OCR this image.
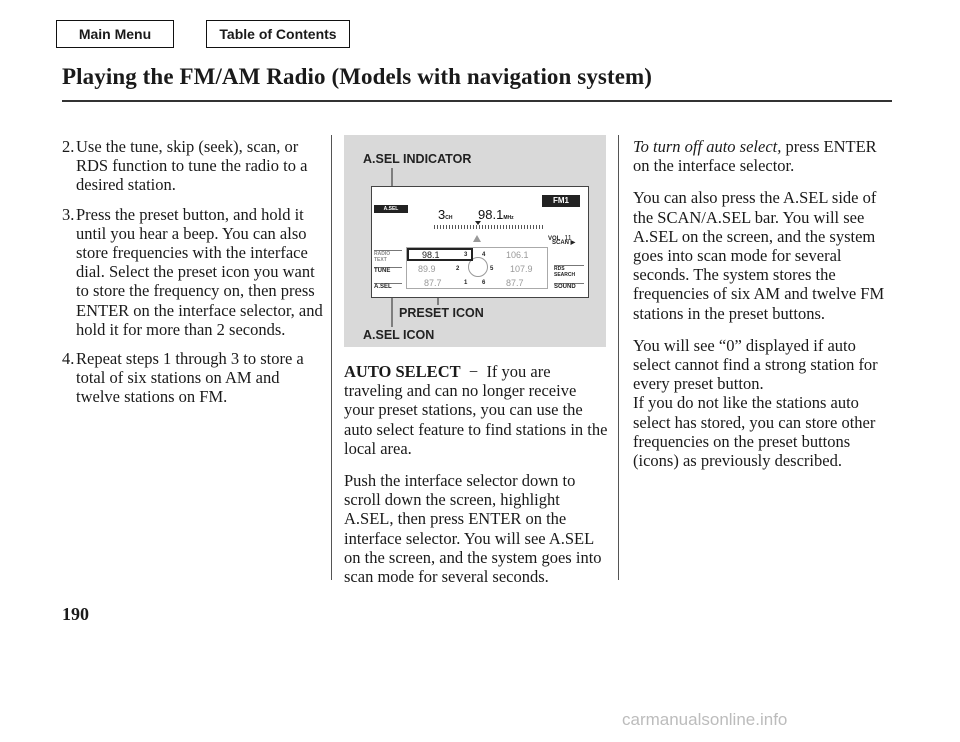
Main Menu	Table of Contents
Playing the FM/AM Radio (Models with navigation system)
2. Use the tune, skip (seek), scan, or RDS function to tune the radio to a desired station.
3. Press the preset button, and hold it until you hear a beep. You can also store frequencies with the interface dial. Select the preset icon you want to store the frequency on, then press ENTER on the interface selector, and hold it for more than 2 seconds.
4. Repeat steps 1 through 3 to store a total of six stations on AM and twelve stations on FM.
A.SEL INDICATOR
PRESET ICON
A.SEL ICON
A.SEL	3CH 98.1MHz
FM1
VOL 11
SCAN ▶
RADIO TEXT
TUNE
A.SEL
RDS SEARCH
SOUND
98.1	3 4 106.1
89.9	2	5 107.9
87.7	1 6 87.7

AUTO SELECT − If you are traveling and can no longer receive your preset stations, you can use the auto select feature to find stations in the local area.

Push the interface selector down to scroll down the screen, highlight A.SEL, then press ENTER on the interface selector. You will see A.SEL on the screen, and the system goes into scan mode for several seconds.

To turn off auto select, press ENTER on the interface selector.

You can also press the A.SEL side of the SCAN/A.SEL bar. You will see A.SEL on the screen, and the system goes into scan mode for several seconds. The system stores the frequencies of six AM and twelve FM stations in the preset buttons.

You will see “0” displayed if auto select cannot find a strong station for every preset button.

If you do not like the stations auto select has stored, you can store other frequencies on the preset buttons (icons) as previously described.

190
carmanualsonline.info
